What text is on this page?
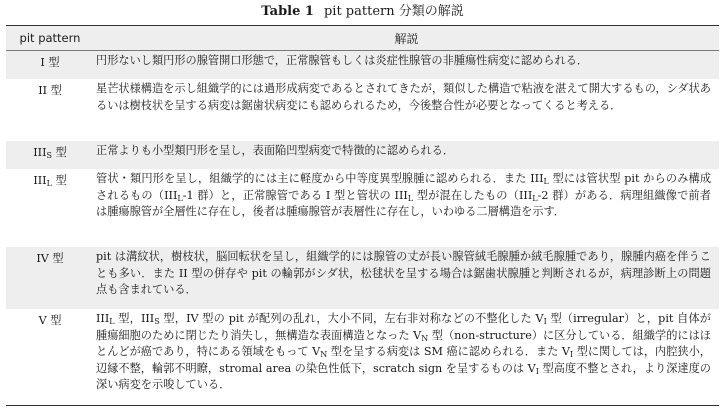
Table 1 pit pattern 分類の解説
pit pattern	解説
I 型	円形ないし類円形の腺管開口形態で，正常腺管もしくは炎症性腺管の非腫瘍性病変に認められる．
II 型	星芒状様構造を示し組織学的には過形成病変であるとされてきたが，類似した構造で粘液を湛えて開大するもの，シダ状あるいは樹枝状を呈する病変は鋸歯状病変にも認められるため，今後整合性が必要となってくると考える．
$III_S$ 型	正常よりも小型類円形を呈し，表面陥凹型病変で特徴的に認められる．
$III_L$ 型	管状・類円形を呈し，組織学的には主に軽度から中等度異型腺腫に認められる．また $III_L$ 型には管状型 pit からのみ構成されるもの（$III_L-1$ 群）と，正常腺管である I 型と管状の $III_L$ 型が混在したもの（$III_L-2$ 群）がある．病理組織像で前者は腫瘍腺管が全層性に存在し，後者は腫瘍腺管が表層性に存在し，いわゆる二層構造を示す．
IV 型	pit は溝紋状，樹枝状，脳回転状を呈し，組織学的には腺管の丈が長い腺管絨毛腺腫か絨毛腺腫であり，腺腫内癌を伴うことも多い．また II 型の併存や pit の輪郭がシダ状，松毬状を呈する場合は鋸歯状腺腫と判断されるが，病理診断上の問題点も含まれている．
V 型	$III_L$ 型，$III_S$ 型，IV 型の pit が配列の乱れ，大小不同，左右非対称などの不整化した $V_I$ 型（irregular）と，pit 自体が腫瘍細胞のために閉じたり消失し，無構造な表面構造となった $V_N$ 型（non-structure）に区分している．組織学的にはほとんどが癌であり，特にある領域をもって $V_N$ 型を呈する病変は SM 癌に認められる．また $V_I$ 型に関しては，内腔狭小，辺縁不整，輪郭不明瞭，stromal area の染色性低下，scratch sign を呈するものは $V_I$ 型高度不整とされ，より深達度の深い病変を示唆している．
